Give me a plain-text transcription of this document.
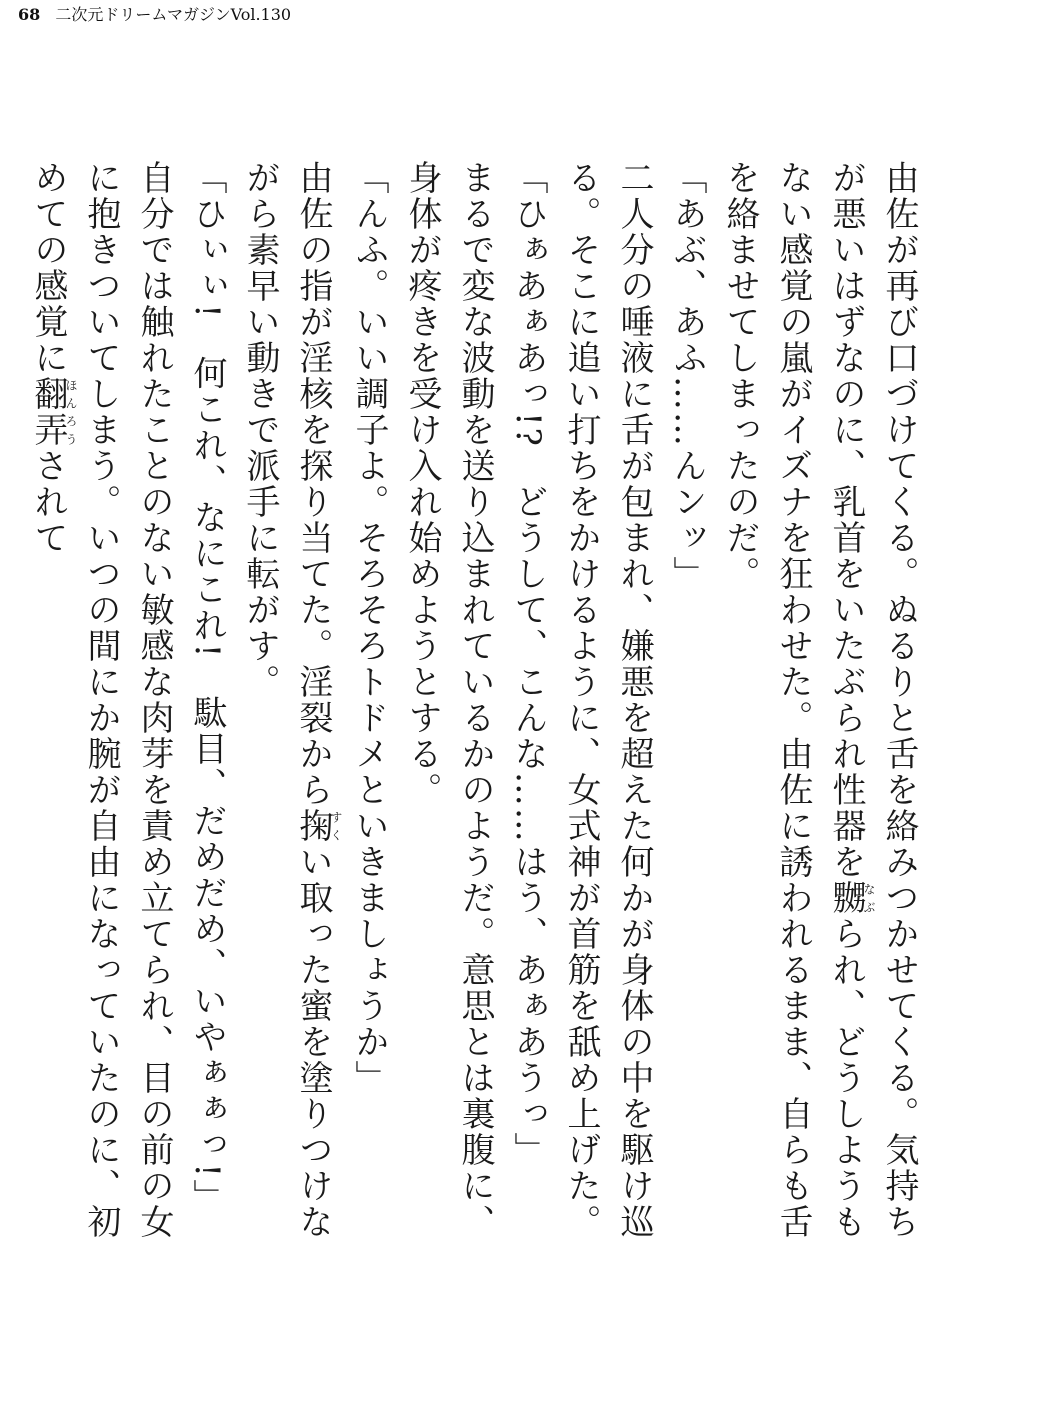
68 二次元ドリームマガジンVol.130

由佐が再び口づけてくる。ぬるりと舌を絡みつかせてくる。気持ちが悪いはずなのに、乳首をいたぶられ性器を嬲なぶられ、どうしようもない感覚の嵐がイズナを狂わせた。由佐に誘われるまま、自らも舌を絡ませてしまったのだ。

「あぶ、あふ……んンッ」

二人分の唾液に舌が包まれ、嫌悪を超えた何かが身体の中を駆け巡る。そこに追い打ちをかけるように、女式神が首筋を舐め上げた。

「ひぁあぁあっ!?　どうして、こんな……はう、あぁあうっ」

まるで変な波動を送り込まれているかのようだ。意思とは裏腹に、身体が疼きを受け入れ始めようとする。

「んふ。いい調子よ。そろそろトドメといきましょうか」

由佐の指が淫核を探り当てた。淫裂から掬すくい取った蜜を塗りつけながら素早い動きで派手に転がす。

「ひぃぃ!　何これ、なにこれ!　駄目、だめだめ、いやぁぁっ!」

自分では触れたことのない敏感な肉芽を責め立てられ、目の前の女に抱きついてしまう。いつの間にか腕が自由になっていたのに、初めての感覚に翻弄ほんろうされて
